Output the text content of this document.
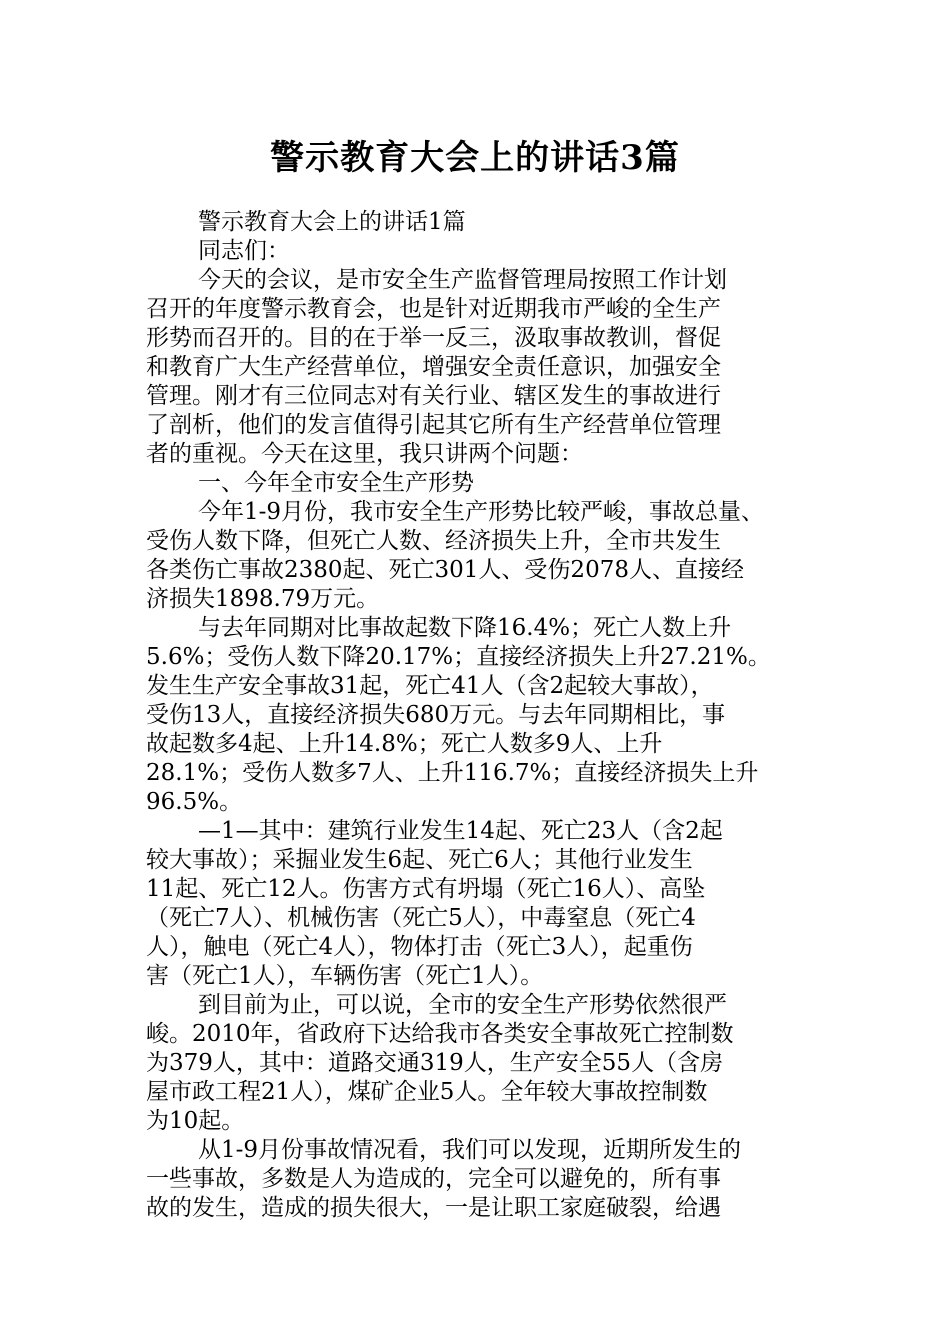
警示教育大会上的讲话3篇
警示教育大会上的讲话1篇
同志们：
今天的会议，是市安全生产监督管理局按照工作计划
召开的年度警示教育会，也是针对近期我市严峻的全生产
形势而召开的。目的在于举一反三，汲取事故教训，督促
和教育广大生产经营单位，增强安全责任意识，加强安全
管理。刚才有三位同志对有关行业、辖区发生的事故进行
了剖析，他们的发言值得引起其它所有生产经营单位管理
者的重视。今天在这里，我只讲两个问题：
一、今年全市安全生产形势
今年1-9月份，我市安全生产形势比较严峻，事故总量、
受伤人数下降，但死亡人数、经济损失上升，全市共发生
各类伤亡事故2380起、死亡301人、受伤2078人、直接经
济损失1898.79万元。
与去年同期对比事故起数下降16.4%；死亡人数上升
5.6%；受伤人数下降20.17%；直接经济损失上升27.21%。
发生生产安全事故31起，死亡41人（含2起较大事故），
受伤13人，直接经济损失680万元。与去年同期相比，事
故起数多4起、上升14.8%；死亡人数多9人、上升
28.1%；受伤人数多7人、上升116.7%；直接经济损失上升
96.5%。
—1—其中：建筑行业发生14起、死亡23人（含2起
较大事故）；采掘业发生6起、死亡6人；其他行业发生
11起、死亡12人。伤害方式有坍塌（死亡16人）、高坠
（死亡7人）、机械伤害（死亡5人），中毒窒息（死亡4
人），触电（死亡4人），物体打击（死亡3人），起重伤
害（死亡1人），车辆伤害（死亡1人）。
到目前为止，可以说，全市的安全生产形势依然很严
峻。2010年，省政府下达给我市各类安全事故死亡控制数
为379人，其中：道路交通319人，生产安全55人（含房
屋市政工程21人），煤矿企业5人。全年较大事故控制数
为10起。
从1-9月份事故情况看，我们可以发现，近期所发生的
一些事故，多数是人为造成的，完全可以避免的，所有事
故的发生，造成的损失很大，一是让职工家庭破裂，给遇
